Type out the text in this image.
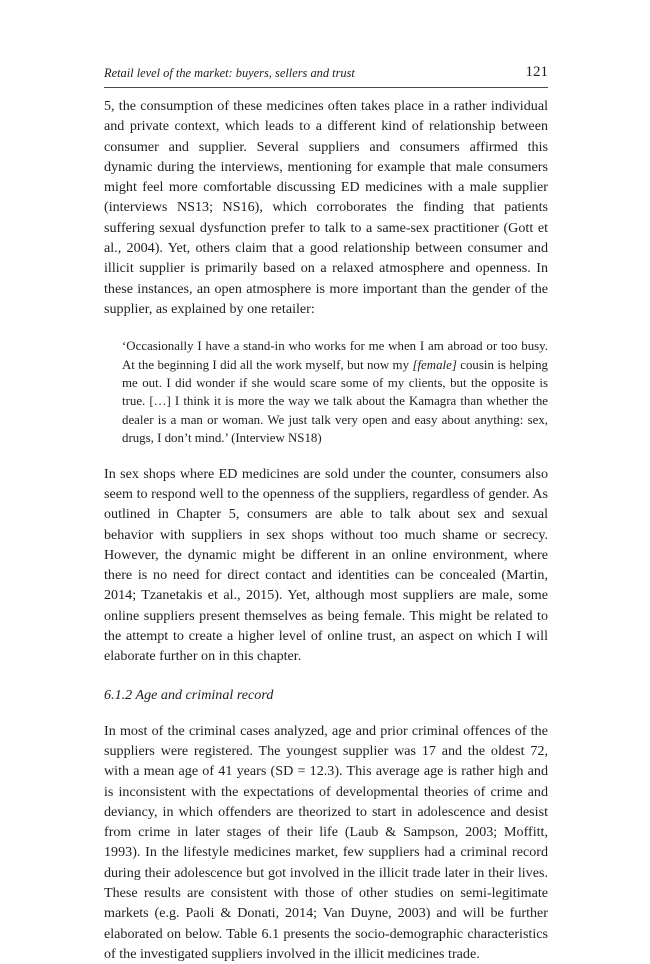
Retail level of the market: buyers, sellers and trust	121

5, the consumption of these medicines often takes place in a rather individual and private context, which leads to a different kind of relationship between consumer and supplier. Several suppliers and consumers affirmed this dynamic during the interviews, mentioning for example that male consumers might feel more comfortable discussing ED medicines with a male supplier (interviews NS13; NS16), which corroborates the finding that patients suffering sexual dysfunction prefer to talk to a same-sex practitioner (Gott et al., 2004). Yet, others claim that a good relationship between consumer and illicit supplier is primarily based on a relaxed atmosphere and openness. In these instances, an open atmosphere is more important than the gender of the supplier, as explained by one retailer:

‘Occasionally I have a stand-in who works for me when I am abroad or too busy. At the beginning I did all the work myself, but now my [female] cousin is helping me out. I did wonder if she would scare some of my clients, but the opposite is true. […] I think it is more the way we talk about the Kamagra than whether the dealer is a man or woman. We just talk very open and easy about anything: sex, drugs, I don’t mind.’ (Interview NS18)

In sex shops where ED medicines are sold under the counter, consumers also seem to respond well to the openness of the suppliers, regardless of gender. As outlined in Chapter 5, consumers are able to talk about sex and sexual behavior with suppliers in sex shops without too much shame or secrecy. However, the dynamic might be different in an online environment, where there is no need for direct contact and identities can be concealed (Martin, 2014; Tzanetakis et al., 2015). Yet, although most suppliers are male, some online suppliers present themselves as being female. This might be related to the attempt to create a higher level of online trust, an aspect on which I will elaborate further on in this chapter.

6.1.2 Age and criminal record

In most of the criminal cases analyzed, age and prior criminal offences of the suppliers were registered. The youngest supplier was 17 and the oldest 72, with a mean age of 41 years (SD = 12.3). This average age is rather high and is inconsistent with the expectations of developmental theories of crime and deviancy, in which offenders are theorized to start in adolescence and desist from crime in later stages of their life (Laub & Sampson, 2003; Moffitt, 1993). In the lifestyle medicines market, few suppliers had a criminal record during their adolescence but got involved in the illicit trade later in their lives. These results are consistent with those of other studies on semi-legitimate markets (e.g. Paoli & Donati, 2014; Van Duyne, 2003) and will be further elaborated on below. Table 6.1 presents the socio-demographic characteristics of the investigated suppliers involved in the illicit medicines trade.
